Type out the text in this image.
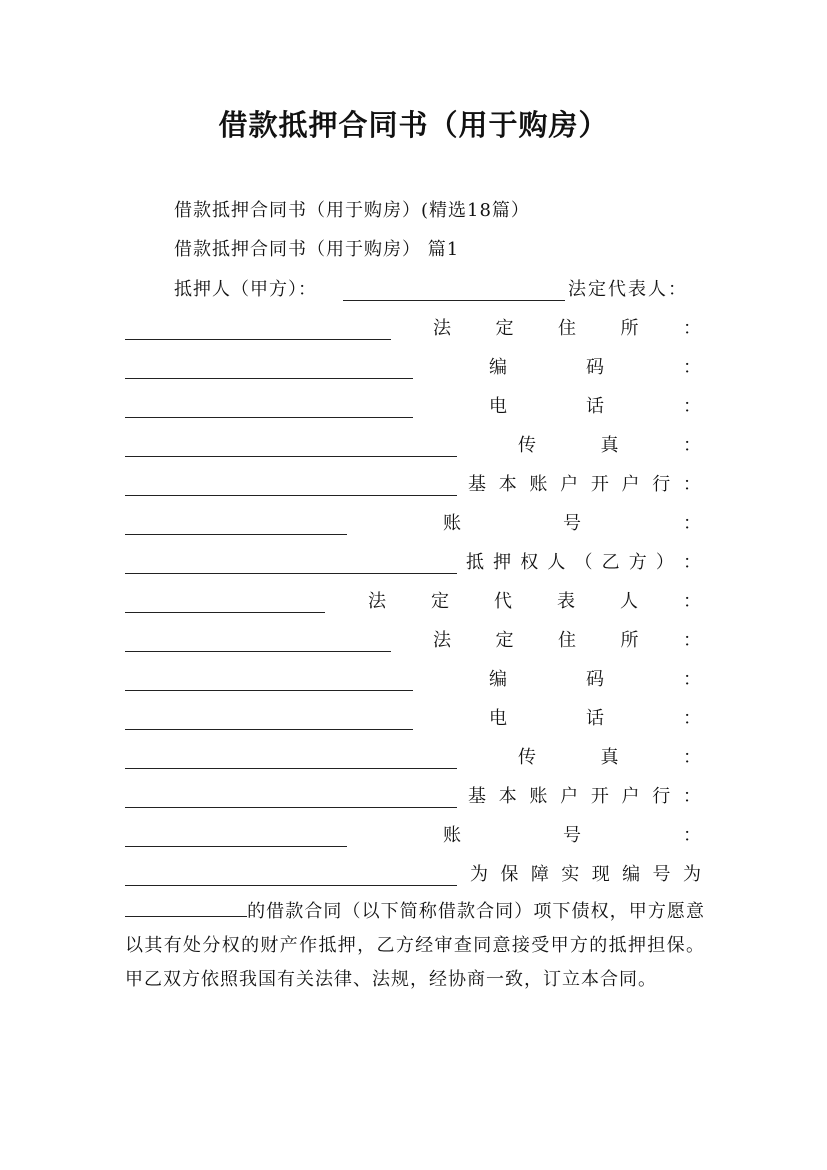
借款抵押合同书（用于购房）
借款抵押合同书（用于购房）(精选18篇）
借款抵押合同书（用于购房） 篇1
抵押人（甲方）：	法定代表人：
法 定 住 所 ：
编	码	：
电	话	：
传	真	：
基 本 账 户 开 户 行 ：
账	号	：
抵 押 权 人 （ 乙 方 ） ：
法	定	代	表	人	：
法 定 住 所 ：
编	码	：
电	话	：
传	真	：
基 本 账 户 开 户 行 ：
账	号	：
为 保 障 实 现 编 号 为
的借款合同（以下简称借款合同）项下债权，甲方愿意以其有处分权的财产作抵押，乙方经审查同意接受甲方的抵押担保。甲乙双方依照我国有关法律、法规，经协商一致，订立本合同。
